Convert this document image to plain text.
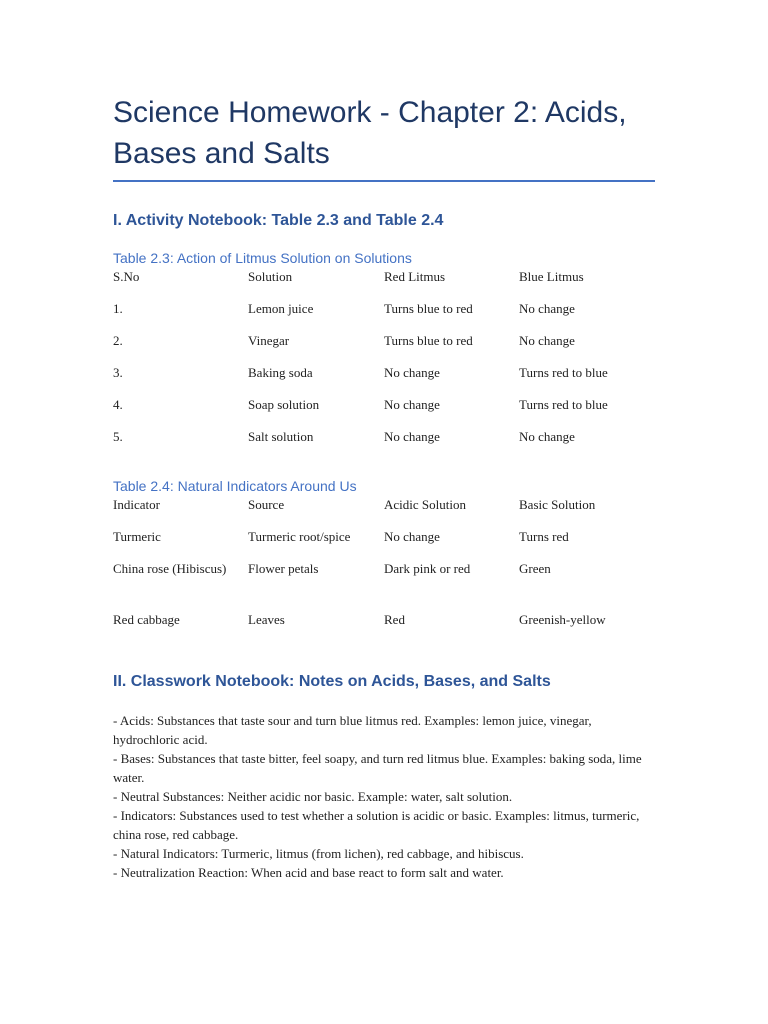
Science Homework - Chapter 2: Acids, Bases and Salts
I. Activity Notebook: Table 2.3 and Table 2.4
Table 2.3: Action of Litmus Solution on Solutions
S.No	Solution	Red Litmus	Blue Litmus
1.	Lemon juice	Turns blue to red	No change
2.	Vinegar	Turns blue to red	No change
3.	Baking soda	No change	Turns red to blue
4.	Soap solution	No change	Turns red to blue
5.	Salt solution	No change	No change
Table 2.4: Natural Indicators Around Us
Indicator	Source	Acidic Solution	Basic Solution
Turmeric	Turmeric root/spice	No change	Turns red
China rose (Hibiscus)	Flower petals	Dark pink or red	Green
Red cabbage	Leaves	Red	Greenish-yellow
II. Classwork Notebook: Notes on Acids, Bases, and Salts

- Acids: Substances that taste sour and turn blue litmus red. Examples: lemon juice, vinegar, hydrochloric acid.

- Bases: Substances that taste bitter, feel soapy, and turn red litmus blue. Examples: baking soda, lime water.

- Neutral Substances: Neither acidic nor basic. Example: water, salt solution.

- Indicators: Substances used to test whether a solution is acidic or basic. Examples: litmus, turmeric, china rose, red cabbage.

- Natural Indicators: Turmeric, litmus (from lichen), red cabbage, and hibiscus.

- Neutralization Reaction: When acid and base react to form salt and water.
